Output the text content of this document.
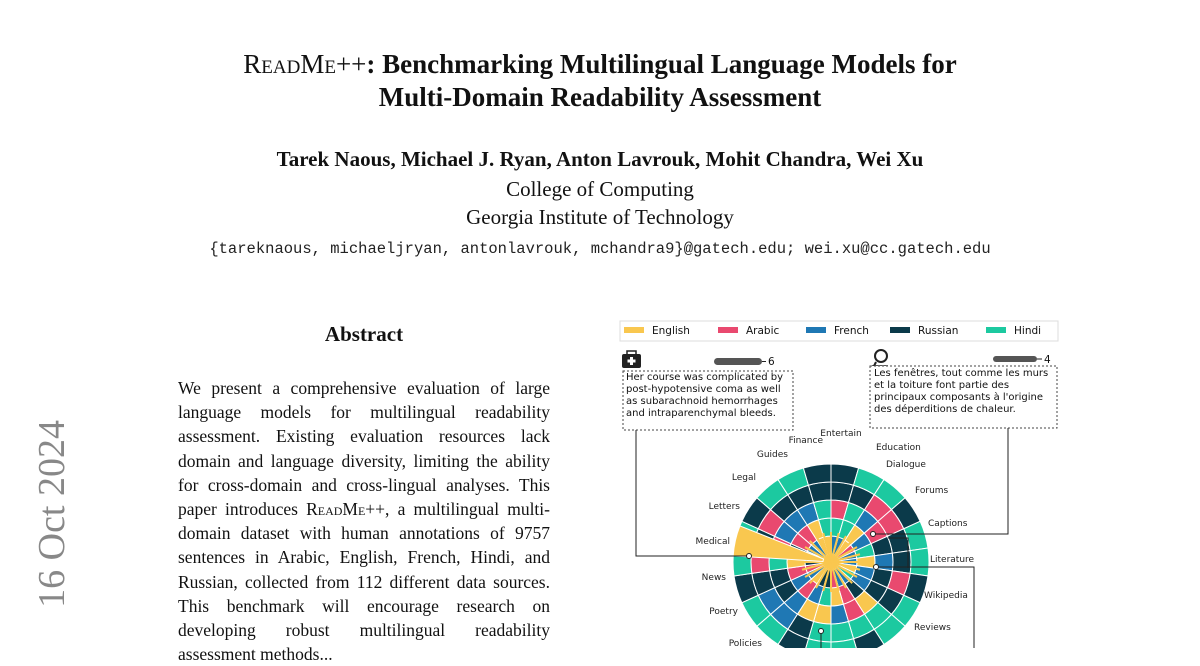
ReadMe++: Benchmarking Multilingual Language Models for
Multi-Domain Readability Assessment
Tarek Naous, Michael J. Ryan, Anton Lavrouk, Mohit Chandra, Wei Xu
College of Computing
Georgia Institute of Technology
{tareknaous, michaeljryan, antonlavrouk, mchandra9}@gatech.edu; wei.xu@cc.gatech.edu
16 Oct 2024
Abstract
We present a comprehensive evaluation of large language models for multilingual readability assessment. Existing evaluation resources lack domain and language diversity, limiting the ability for cross-domain and cross-lingual analyses. This paper introduces ReadMe++, a multilingual multi-domain dataset with human annotations of 9757 sentences in Arabic, English, French, Hindi, and Russian, collected from 112 different data sources. This benchmark will encourage research on developing robust multilingual readability assessment methods...
English	Arabic	French	Russian	Hindi
6
Her course was complicated by post-hypotensive coma as well as subarachnoid hemorrhages and intraparenchymal bleeds.
4
Les fenêtres, tout comme les murs et la toiture font partie des principaux composants à l'origine des déperditions de chaleur.
Entertain
Education
Dialogue
Forums
Captions
Literature
Wikipedia
Reviews
Policies
Poetry
News
Medical
Letters
Legal
Guides
Finance
